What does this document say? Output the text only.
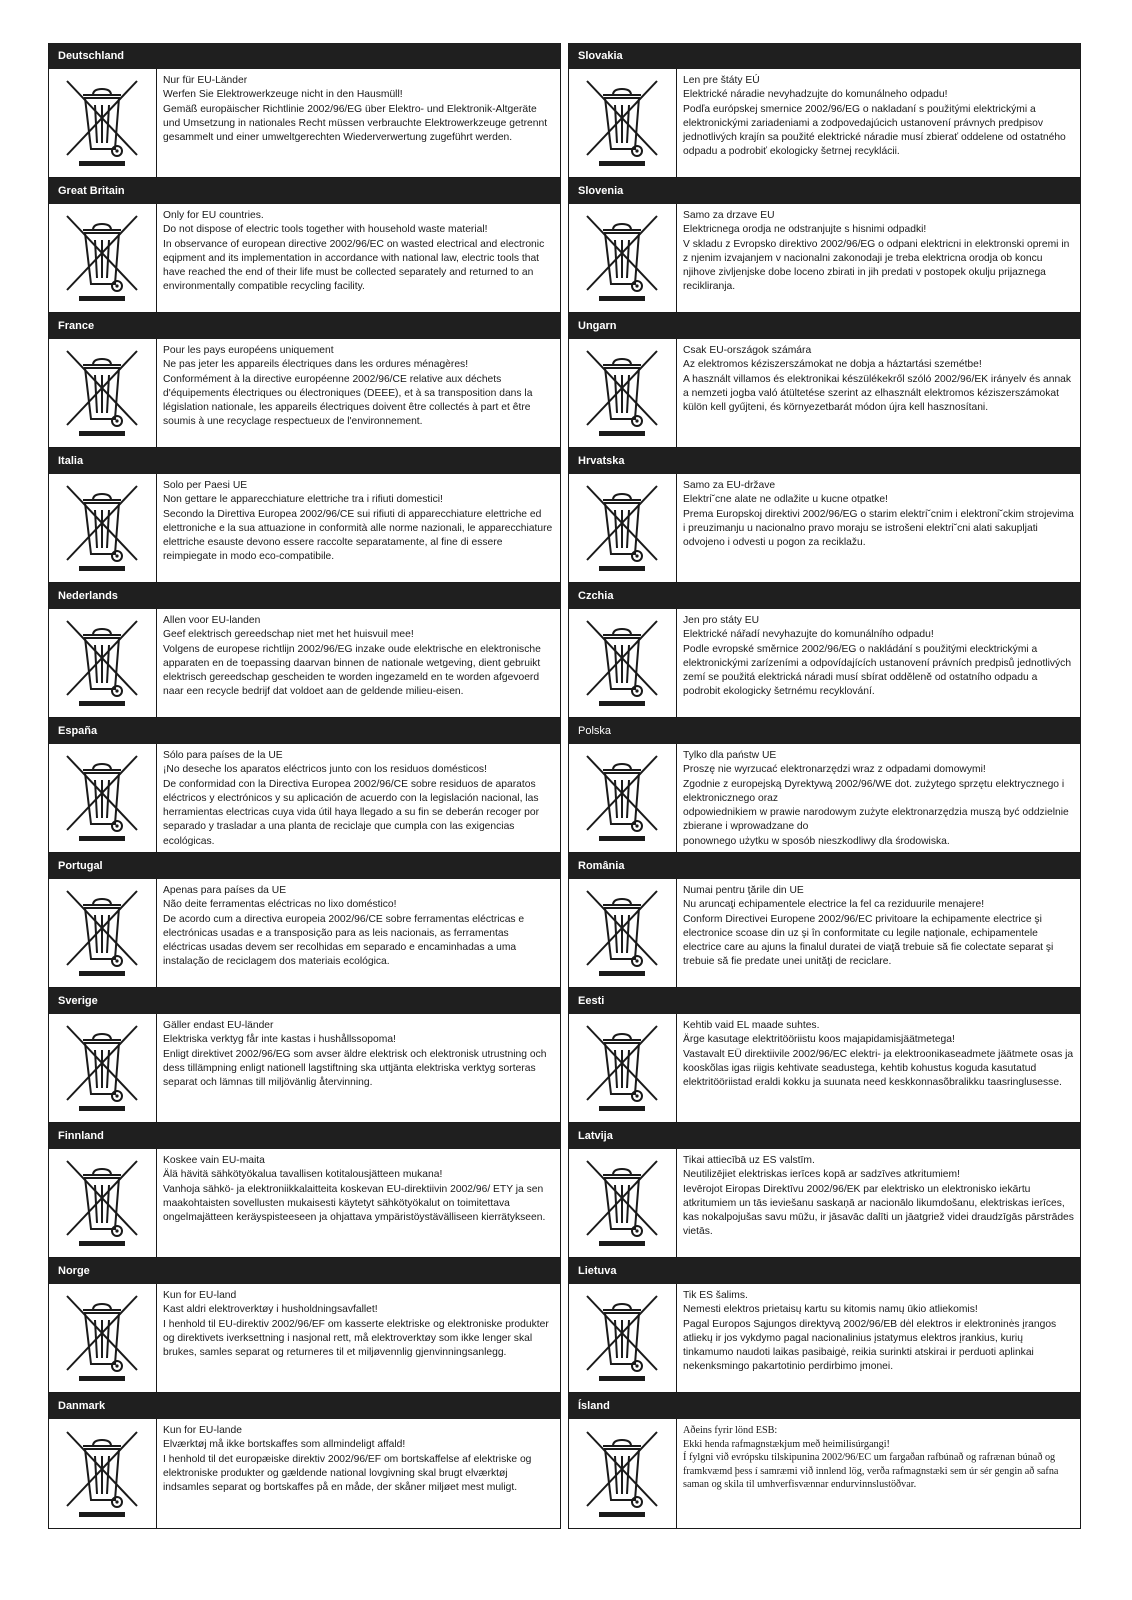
Deutschland
Nur für EU-Länder
Werfen Sie Elektrowerkzeuge nicht in den Hausmüll!
Gemäß europäischer Richtlinie 2002/96/EG über Elektro- und Elektronik-Altgeräte und Umsetzung in nationales Recht müssen verbrauchte Elektrowerkzeuge getrennt gesammelt und einer umweltgerechten Wiederverwertung zugeführt werden.
Great Britain
Only for EU countries.
Do not dispose of electric tools together with household waste material!
In observance of european directive 2002/96/EC on wasted electrical and electronic eqipment and its implementation in accordance with national law, electric tools that have reached the end of their life must be collected separately and returned to an environmentally compatible recycling facility.
France
Pour les pays européens uniquement
Ne pas jeter les appareils électriques dans les ordures ménagères!
Conformément à la directive européenne 2002/96/CE relative aux déchets d'équipements électriques ou électroniques (DEEE), et à sa transposition dans la législation nationale, les appareils électriques doivent être collectés à part et être soumis à une recyclage respectueux de l'environnement.
Italia
Solo per Paesi UE
Non gettare le apparecchiature elettriche tra i rifiuti domestici!
Secondo la Direttiva Europea 2002/96/CE sui rifiuti di apparecchiature elettriche ed elettroniche e la sua attuazione in conformità alle norme nazionali, le apparecchiature elettriche esauste devono essere raccolte separatamente, al fine di essere reimpiegate in modo eco-compatibile.
Nederlands
Allen voor EU-landen
Geef elektrisch gereedschap niet met het huisvuil mee!
Volgens de europese richtlijn 2002/96/EG inzake oude elektrische en elektronische apparaten en de toepassing daarvan binnen de nationale wetgeving, dient gebruikt elektrisch gereedschap gescheiden te worden ingezameld en te worden afgevoerd naar een recycle bedrijf dat voldoet aan de geldende milieu-eisen.
España
Sólo para países de la UE
¡No deseche los aparatos eléctricos junto con los residuos domésticos!
De conformidad con la Directiva Europea 2002/96/CE sobre residuos de aparatos eléctricos y electrónicos y su aplicación de acuerdo con la legislación nacional, las herramientas electricas cuya vida útil haya llegado a su fin se deberán recoger por separado y trasladar a una planta de reciclaje que cumpla con las exigencias ecológicas.
Portugal
Apenas para países da UE
Não deite ferramentas eléctricas no lixo doméstico!
De acordo cum a directiva europeia 2002/96/CE sobre ferramentas eléctricas e electrónicas usadas e a transposição para as leis nacionais, as ferramentas eléctricas usadas devem ser recolhidas em separado e encaminhadas a uma instalação de reciclagem dos materiais ecológica.
Sverige
Gäller endast EU-länder
Elektriska verktyg får inte kastas i hushållssopoma!
Enligt direktivet 2002/96/EG som avser äldre elektrisk och elektronisk utrustning och dess tillämpning enligt nationell lagstiftning ska uttjänta elektriska verktyg sorteras separat och lämnas till miljövänlig återvinning.
Finnland
Koskee vain EU-maita
Älä hävitä sähkötyökalua tavallisen kotitalousjätteen mukana!
Vanhoja sähkö- ja elektroniikkalaitteita koskevan EU-direktiivin 2002/96/ ETY ja sen maakohtaisten sovellusten mukaisesti käytetyt sähkötyökalut on toimitettava ongelmajätteen keräyspisteeseen ja ohjattava ympäristöystävälliseen kierrätykseen.
Norge
Kun for EU-land
Kast aldri elektroverktøy i husholdningsavfallet!
I henhold til EU-direktiv 2002/96/EF om kasserte elektriske og elektroniske produkter og direktivets iverksettning i nasjonal rett, må elektroverktøy som ikke lenger skal brukes, samles separat og returneres til et miljøvennlig gjenvinningsanlegg.
Danmark
Kun for EU-lande
Elværktøj må ikke bortskaffes som allmindeligt affald!
I henhold til det europæiske direktiv 2002/96/EF om bortskaffelse af elektriske og elektroniske produkter og gældende national lovgivning skal brugt elværktøj indsamles separat og bortskaffes på en måde, der skåner miljøet mest muligt.
Slovakia
Len pre štáty EÚ
Elektrické náradie nevyhadzujte do komunálneho odpadu!
Podľa európskej smernice 2002/96/EG o nakladaní s použitými elektrickými a elektronickými zariadeniami a zodpovedajúcich ustanovení právnych predpisov jednotlivých krajín sa použité elektrické náradie musí zbierať oddelene od ostatného odpadu a podrobiť ekologicky šetrnej recyklácii.
Slovenia
Samo za drzave EU
Elektricnega orodja ne odstranjujte s hisnimi odpadki!
V skladu z Evropsko direktivo 2002/96/EG o odpani elektricni in elektronski opremi in z njenim izvajanjem v nacionalni zakonodaji je treba elektricna orodja ob koncu njihove zivljenjske dobe loceno zbirati in jih predati v postopek okulju prijaznega recikliranja.
Ungarn
Csak EU-országok számára
Az elektromos kéziszerszámokat ne dobja a háztartási szemétbe!
A használt villamos és elektronikai készülékekről szóló 2002/96/EK irányelv és annak a nemzeti jogba való átültetése szerint az elhasznált elektromos kéziszerszámokat külön kell gyűjteni, és környezetbarát módon újra kell hasznosítani.
Hrvatska
Samo za EU-države
Elektri˘cne alate ne odlažite u kucne otpatke!
Prema Europskoj direktivi 2002/96/EG o starim elektri˘cnim i elektroni˘ckim strojevima i preuzimanju u nacionalno pravo moraju se istrošeni elektri˘cni alati sakupljati odvojeno i odvesti u pogon za reciklažu.
Czchia
Jen pro státy EU
Elektrické nářadí nevyhazujte do komunálního odpadu!
Podle evropské směrnice 2002/96/EG o nakládání s použitými elecktrickými a elektronickými zarízeními a odpovídajících ustanovení právních predpisů jednotlivých zemí se použitá elektrická náradi musí sbírat odděleně od ostatního odpadu a podrobit ekologicky šetrnému recyklování.
Polska
Tylko dla państw UE
Proszę nie wyrzucać elektronarzędzi wraz z odpadami domowymi!
Zgodnie z europejską Dyrektywą 2002/96/WE dot. zużytego sprzętu elektrycznego i elektronicznego oraz
odpowiednikiem w prawie narodowym zużyte elektronarzędzia muszą być oddzielnie zbierane i wprowadzane do
ponownego użytku w sposób nieszkodliwy dla środowiska.
România
Numai pentru ţările din UE
Nu aruncaţi echipamentele electrice la fel ca reziduurile menajere!
Conform Directivei Europene 2002/96/EC privitoare la echipamente electrice şi electronice scoase din uz şi în conformitate cu legile naţionale, echipamentele electrice care au ajuns la finalul duratei de viaţă trebuie să fie colectate separat şi trebuie să fie predate unei unităţi de reciclare.
Eesti
Kehtib vaid EL maade suhtes.
Ärge kasutage elektritööriistu koos majapidamisjäätmetega!
Vastavalt EÜ direktiivile 2002/96/EC elektri- ja elektroonikaseadmete jäätmete osas ja kooskõlas igas riigis kehtivate seadustega, kehtib kohustus koguda kasutatud elektritööriistad eraldi kokku ja suunata need keskkonnasõbralikku taasringlusesse.
Latvija
Tikai attiecībā uz ES valstīm.
Neutilizējiet elektriskas ierīces kopā ar sadzīves atkritumiem!
Ievērojot Eiropas Direktīvu 2002/96/EK par elektrisko un elektronisko iekārtu atkritumiem un tās ieviešanu saskaņā ar nacionālo likumdošanu, elektriskas ierīces, kas nokalpojušas savu mūžu, ir jāsavāc dalīti un jāatgriež videi draudzīgās pārstrādes vietās.
Lietuva
Tik ES šalims.
Nemesti elektros prietaisų kartu su kitomis namų ūkio atliekomis!
Pagal Europos Sąjungos direktyvą 2002/96/EB dėl elektros ir elektroninės įrangos atliekų ir jos vykdymo pagal nacionalinius įstatymus elektros įrankius, kurių tinkamumo naudoti laikas pasibaigė, reikia surinkti atskirai ir perduoti aplinkai nekenksmingo pakartotinio perdirbimo įmonei.
Ísland
Aðeins fyrir lönd ESB:
Ekki henda rafmagnstækjum með heimilisúrgangi!
Í fylgni við evrópsku tilskipunina 2002/96/EC um fargaðan rafbúnað og rafrænan búnað og framkvæmd þess í samræmi við innlend lög, verða rafmagnstæki sem úr sér gengin að safna saman og skila til umhverfisvænnar endurvinnslustöðvar.
